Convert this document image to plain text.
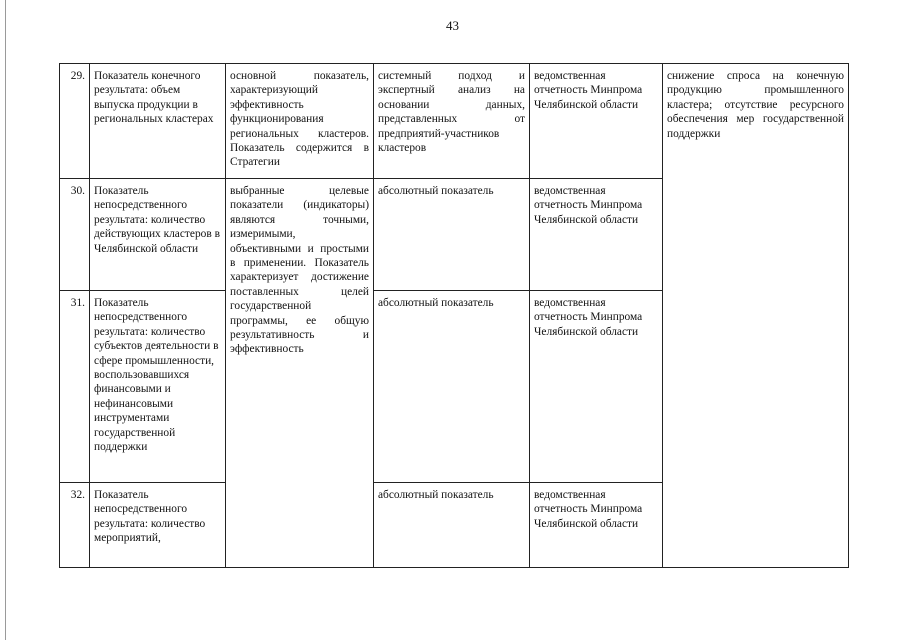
43
29.	Показатель конечного результата: объем выпуска продукции в региональных кластерах	основной показатель, характеризующий эффективность функционирования региональных кластеров. Показатель содержится в Стратегии	системный подход и экспертный анализ на основании данных, представленных от предприятий-участников кластеров	ведомственная отчетность Минпрома Челябинской области	снижение спроса на конечную продукцию промышленного кластера; отсутствие ресурсного обеспечения мер государственной поддержки

30.	Показатель непосредственного результата: количество действующих кластеров в Челябинской области	выбранные целевые показатели (индикаторы) являются точными, измеримыми, объективными и простыми в применении. Показатель характеризует достижение поставленных целей государственной программы, ее общую результативность и эффективность	абсолютный показатель	ведомственная отчетность Минпрома Челябинской области	
31.	Показатель непосредственного результата: количество субъектов деятельности в сфере промышленности, воспользовавшихся финансовыми и нефинансовыми инструментами государственной поддержки		абсолютный показатель	ведомственная отчетность Минпрома Челябинской области	
32.	Показатель непосредственного результата: количество мероприятий,		абсолютный показатель	ведомственная отчетность Минпрома Челябинской области	
